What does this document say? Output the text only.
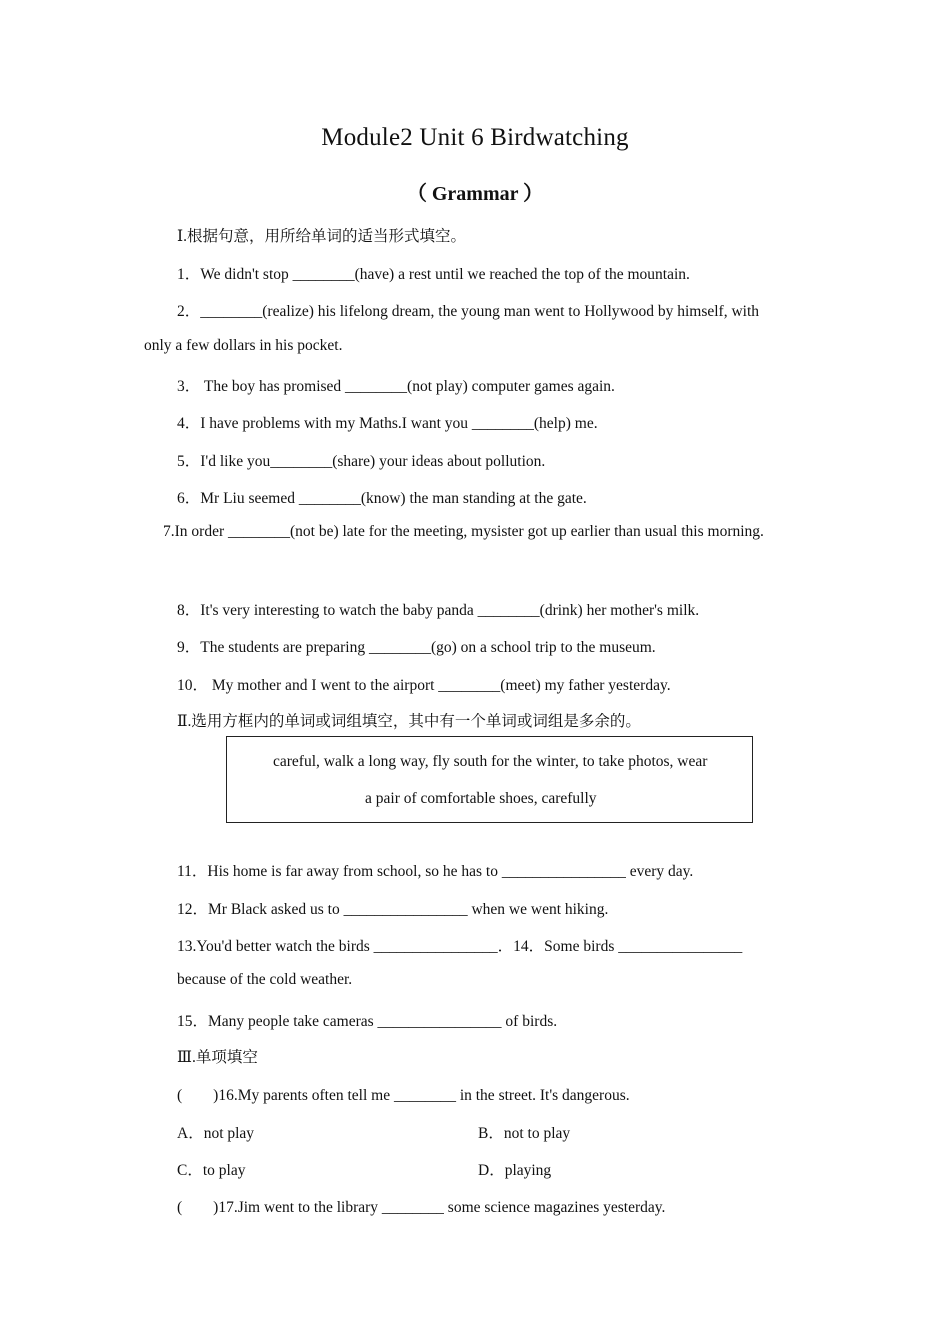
Module2 Unit 6 Birdwatching
（ Grammar ）
Ⅰ.根据句意，用所给单词的适当形式填空。
1．We didn't stop ________(have) a rest until we reached the top of the mountain.
2．________(realize) his lifelong dream, the young man went to Hollywood by himself, with
only a few dollars in his pocket.
3． The boy has promised ________(not play) computer games again.
4．I have problems with my Maths.I want you ________(help) me.
5．I'd like you________(share) your ideas about pollution.
6．Mr Liu seemed ________(know) the man standing at the gate.
7.In order ________(not be) late for the meeting, mysister got up earlier than usual this morning.
8．It's very interesting to watch the baby panda ________(drink) her mother's milk.
9．The students are preparing ________(go) on a school trip to the museum.
10． My mother and I went to the airport ________(meet) my father yesterday.
Ⅱ.选用方框内的单词或词组填空，其中有一个单词或词组是多余的。
careful, walk a long way, fly south for the winter, to take photos, wear
a pair of comfortable shoes, carefully
11．His home is far away from school, so he has to ________________ every day.
12．Mr Black asked us to ________________ when we went hiking.
13.You'd better watch the birds ________________．14．Some birds ________________
because of the cold weather.
15．Many people take cameras ________________ of birds.
Ⅲ.单项填空
(　　)16.My parents often tell me ________ in the street. It's dangerous.
A．not play	B．not to play
C．to play	D．playing
(　　)17.Jim went to the library ________ some science magazines yesterday.
